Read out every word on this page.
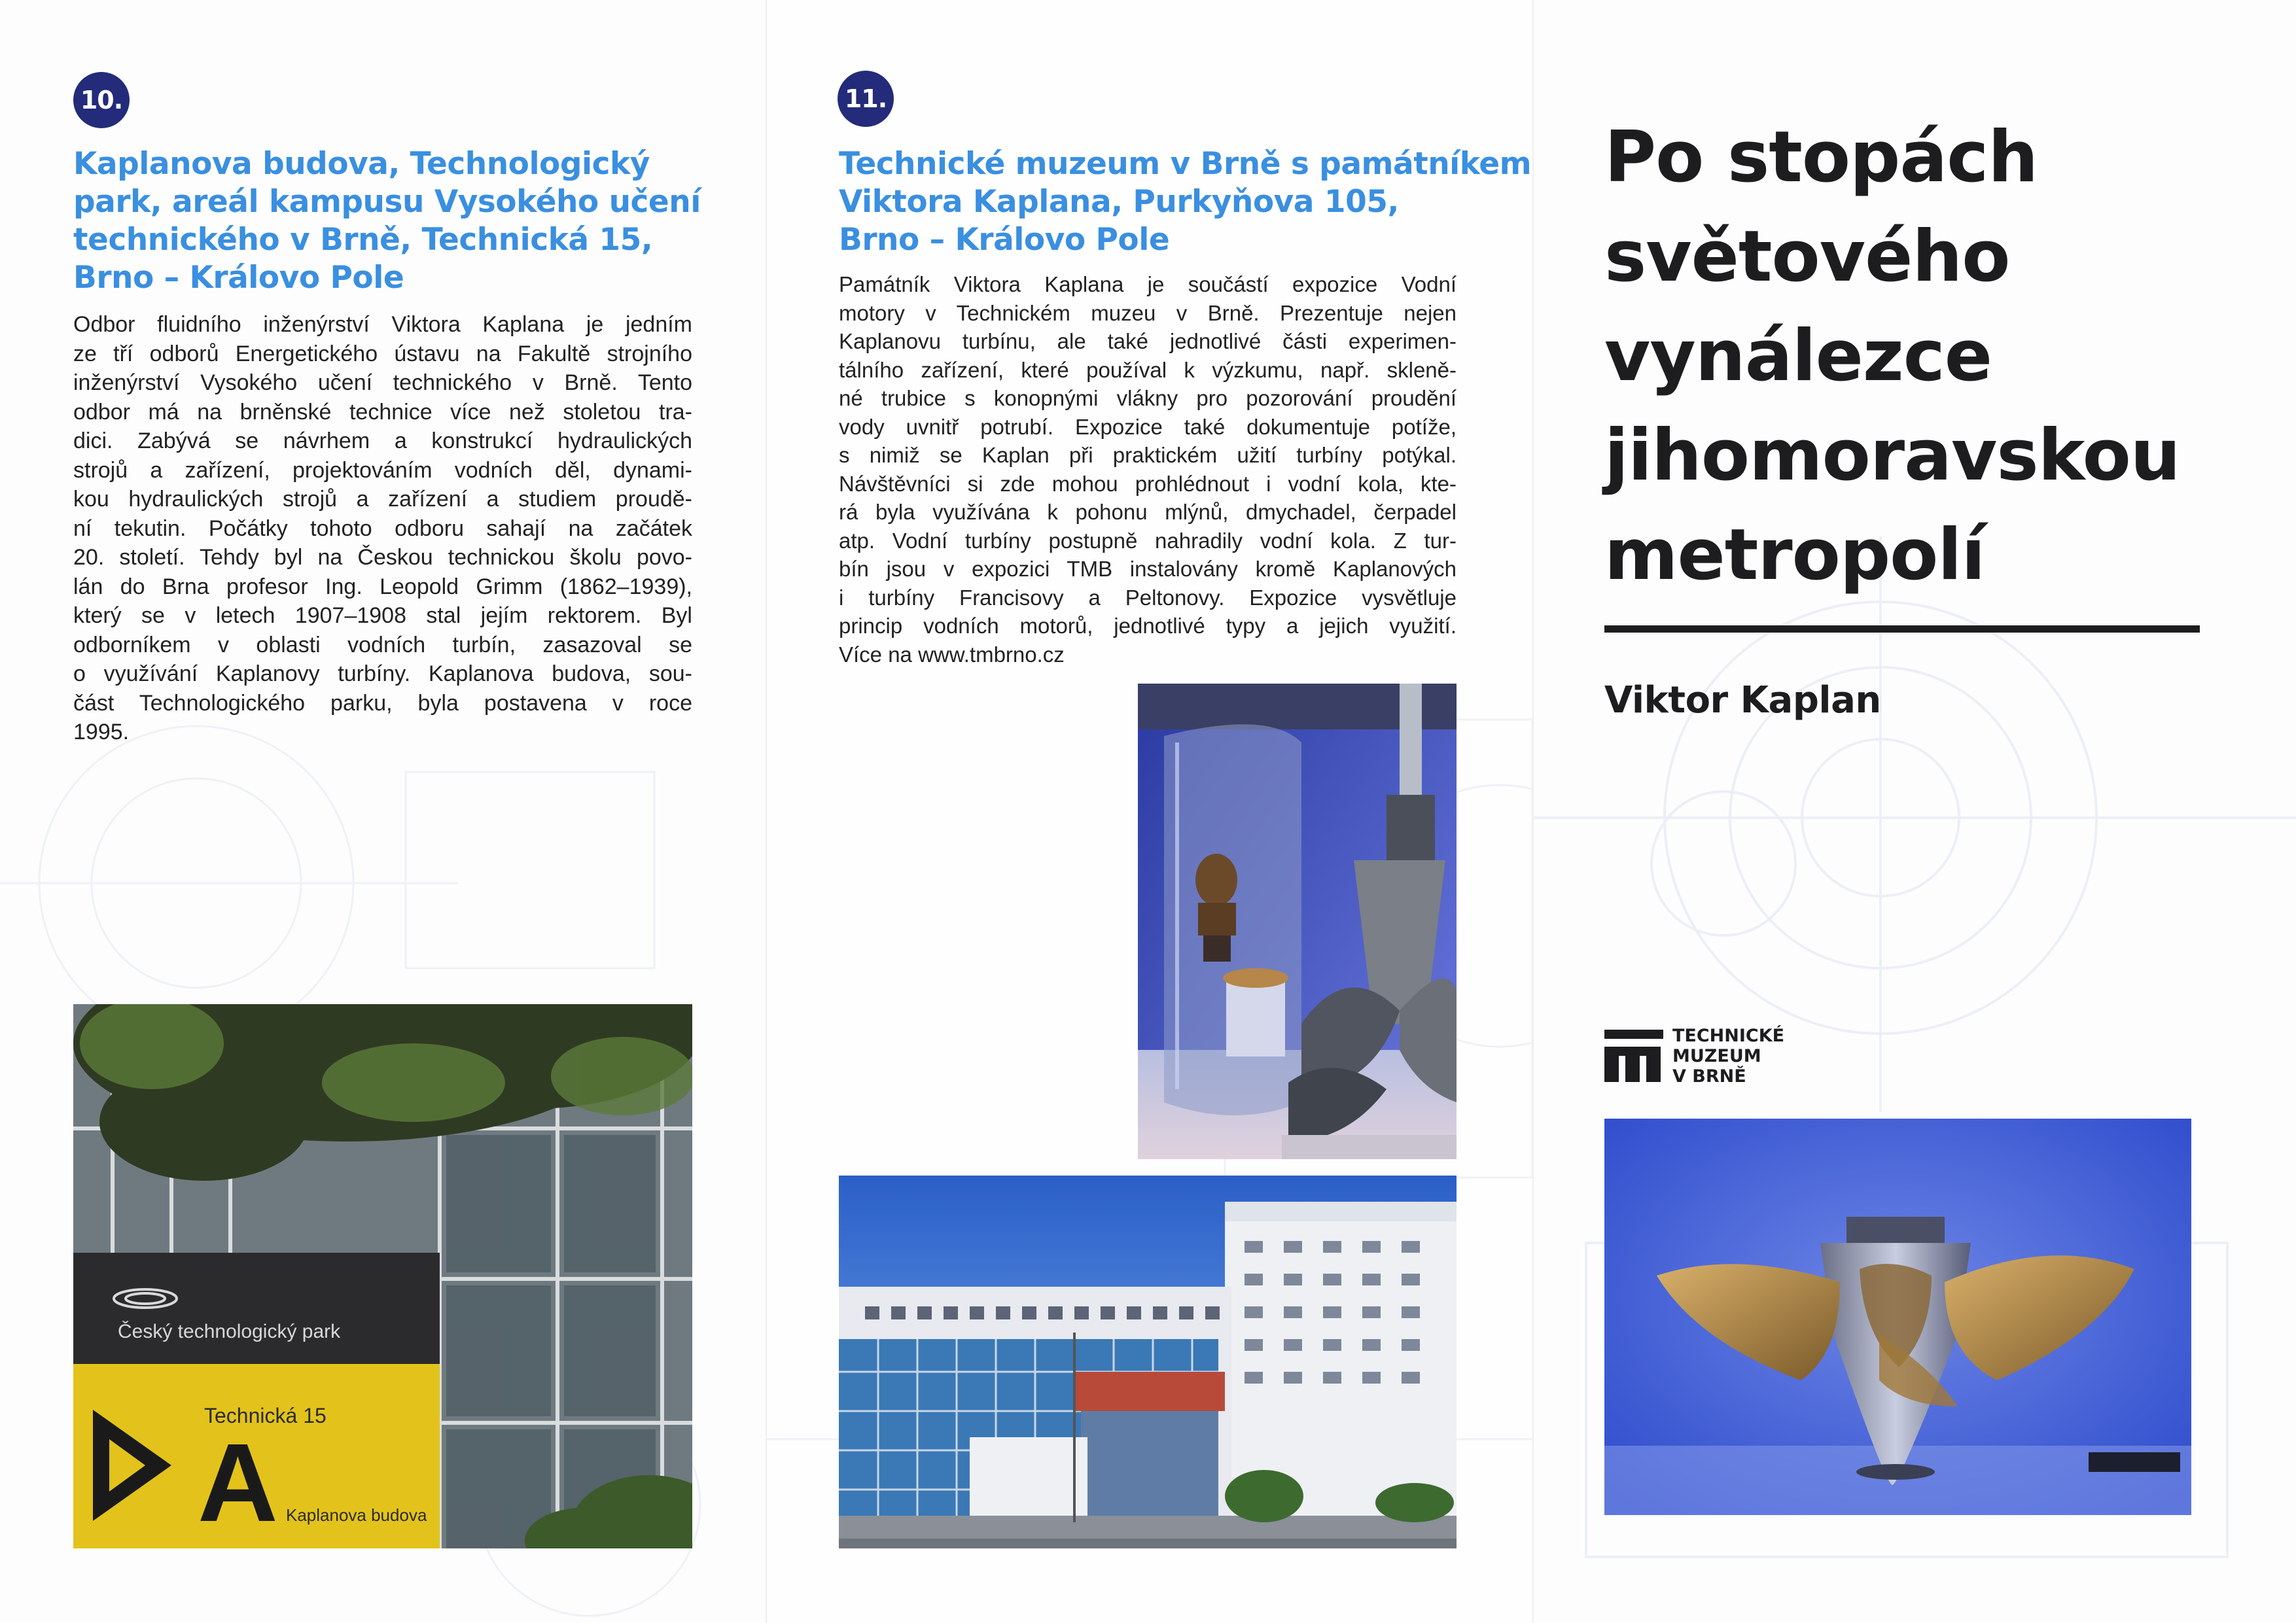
10.
Kaplanova budova, Technologický
park, areál kampusu Vysokého učení
technického v Brně, Technická 15,
Brno – Královo Pole
Odbor fluidního inženýrství Viktora Kaplana je jedním
ze tří odborů Energetického ústavu na Fakultě strojního
inženýrství Vysokého učení technického v Brně. Tento
odbor má na brněnské technice více než stoletou tra-
dici. Zabývá se návrhem a konstrukcí hydraulických
strojů a zařízení, projektováním vodních děl, dynami-
kou hydraulických strojů a zařízení a studiem proudě-
ní tekutin. Počátky tohoto odboru sahají na začátek
20. století. Tehdy byl na Českou technickou školu povo-
lán do Brna profesor Ing. Leopold Grimm (1862–1939),
který se v letech 1907–1908 stal jejím rektorem. Byl
odborníkem v oblasti vodních turbín, zasazoval se
o využívání Kaplanovy turbíny. Kaplanova budova, sou-
část Technologického parku, byla postavena v roce
1995.
Český technologický park
Technická 15
A Kaplanova budova
11.
Technické muzeum v Brně s památníkem
Viktora Kaplana, Purkyňova 105,
Brno – Královo Pole
Památník Viktora Kaplana je součástí expozice Vodní
motory v Technickém muzeu v Brně. Prezentuje nejen
Kaplanovu turbínu, ale také jednotlivé části experimen-
tálního zařízení, které používal k výzkumu, např. skleně-
né trubice s konopnými vlákny pro pozorování proudění
vody uvnitř potrubí. Expozice také dokumentuje potíže,
s nimiž se Kaplan při praktickém užití turbíny potýkal.
Návštěvníci si zde mohou prohlédnout i vodní kola, kte-
rá byla využívána k pohonu mlýnů, dmychadel, čerpadel
atp. Vodní turbíny postupně nahradily vodní kola. Z tur-
bín jsou v expozici TMB instalovány kromě Kaplanových
i turbíny Francisovy a Peltonovy. Expozice vysvětluje
princip vodních motorů, jednotlivé typy a jejich využití.
Více na www.tmbrno.cz
Po stopách
světového
vynálezce
jihomoravskou
metropolí
Viktor Kaplan
TECHNICKÉ
MUZEUM
V BRNĚ
